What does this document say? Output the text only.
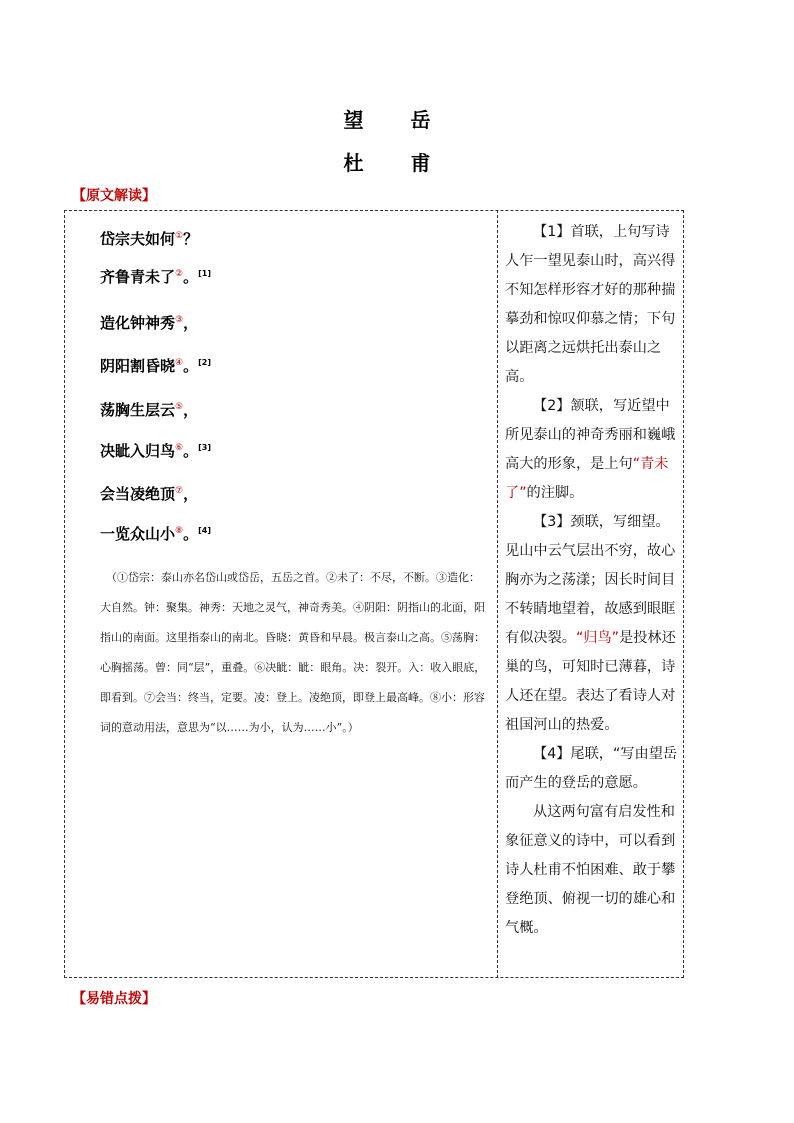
望 岳
杜 甫
【原文解读】
岱宗夫如何①？
齐鲁青未了②。[1]
造化钟神秀③，
阴阳割昏晓④。[2]
荡胸生层云⑤，
决眦入归鸟⑥。[3]
会当凌绝顶⑦，
一览众山小⑧。[4]

（①岱宗：泰山亦名岱山或岱岳，五岳之首。②未了：不尽，不断。③造化：大自然。钟：聚集。神秀：天地之灵气，神奇秀美。④阴阳：阴指山的北面，阳指山的南面。这里指泰山的南北。昏晓：黄昏和早晨。极言泰山之高。⑤荡胸：心胸摇荡。曾：同“层”，重叠。⑥决眦：眦：眼角。决：裂开。入：收入眼底，即看到。⑦会当：终当，定要。凌：登上。凌绝顶，即登上最高峰。⑧小：形容词的意动用法，意思为“以……为小，认为……小”。）

【1】首联，上句写诗人乍一望见泰山时，高兴得不知怎样形容才好的那种揣摹劲和惊叹仰慕之情；下句以距离之远烘托出泰山之高。

【2】颔联，写近望中所见泰山的神奇秀丽和巍峨高大的形象，是上句“青未了”的注脚。

【3】颈联，写细望。见山中云气层出不穷，故心胸亦为之荡漾；因长时间目不转睛地望着，故感到眼眶有似决裂。“归鸟”是投林还巢的鸟，可知时已薄暮，诗人还在望。表达了看诗人对祖国河山的热爱。

【4】尾联，“写由望岳而产生的登岳的意愿。

从这两句富有启发性和象征意义的诗中，可以看到诗人杜甫不怕困难、敢于攀登绝顶、俯视一切的雄心和气概。

【易错点拨】
